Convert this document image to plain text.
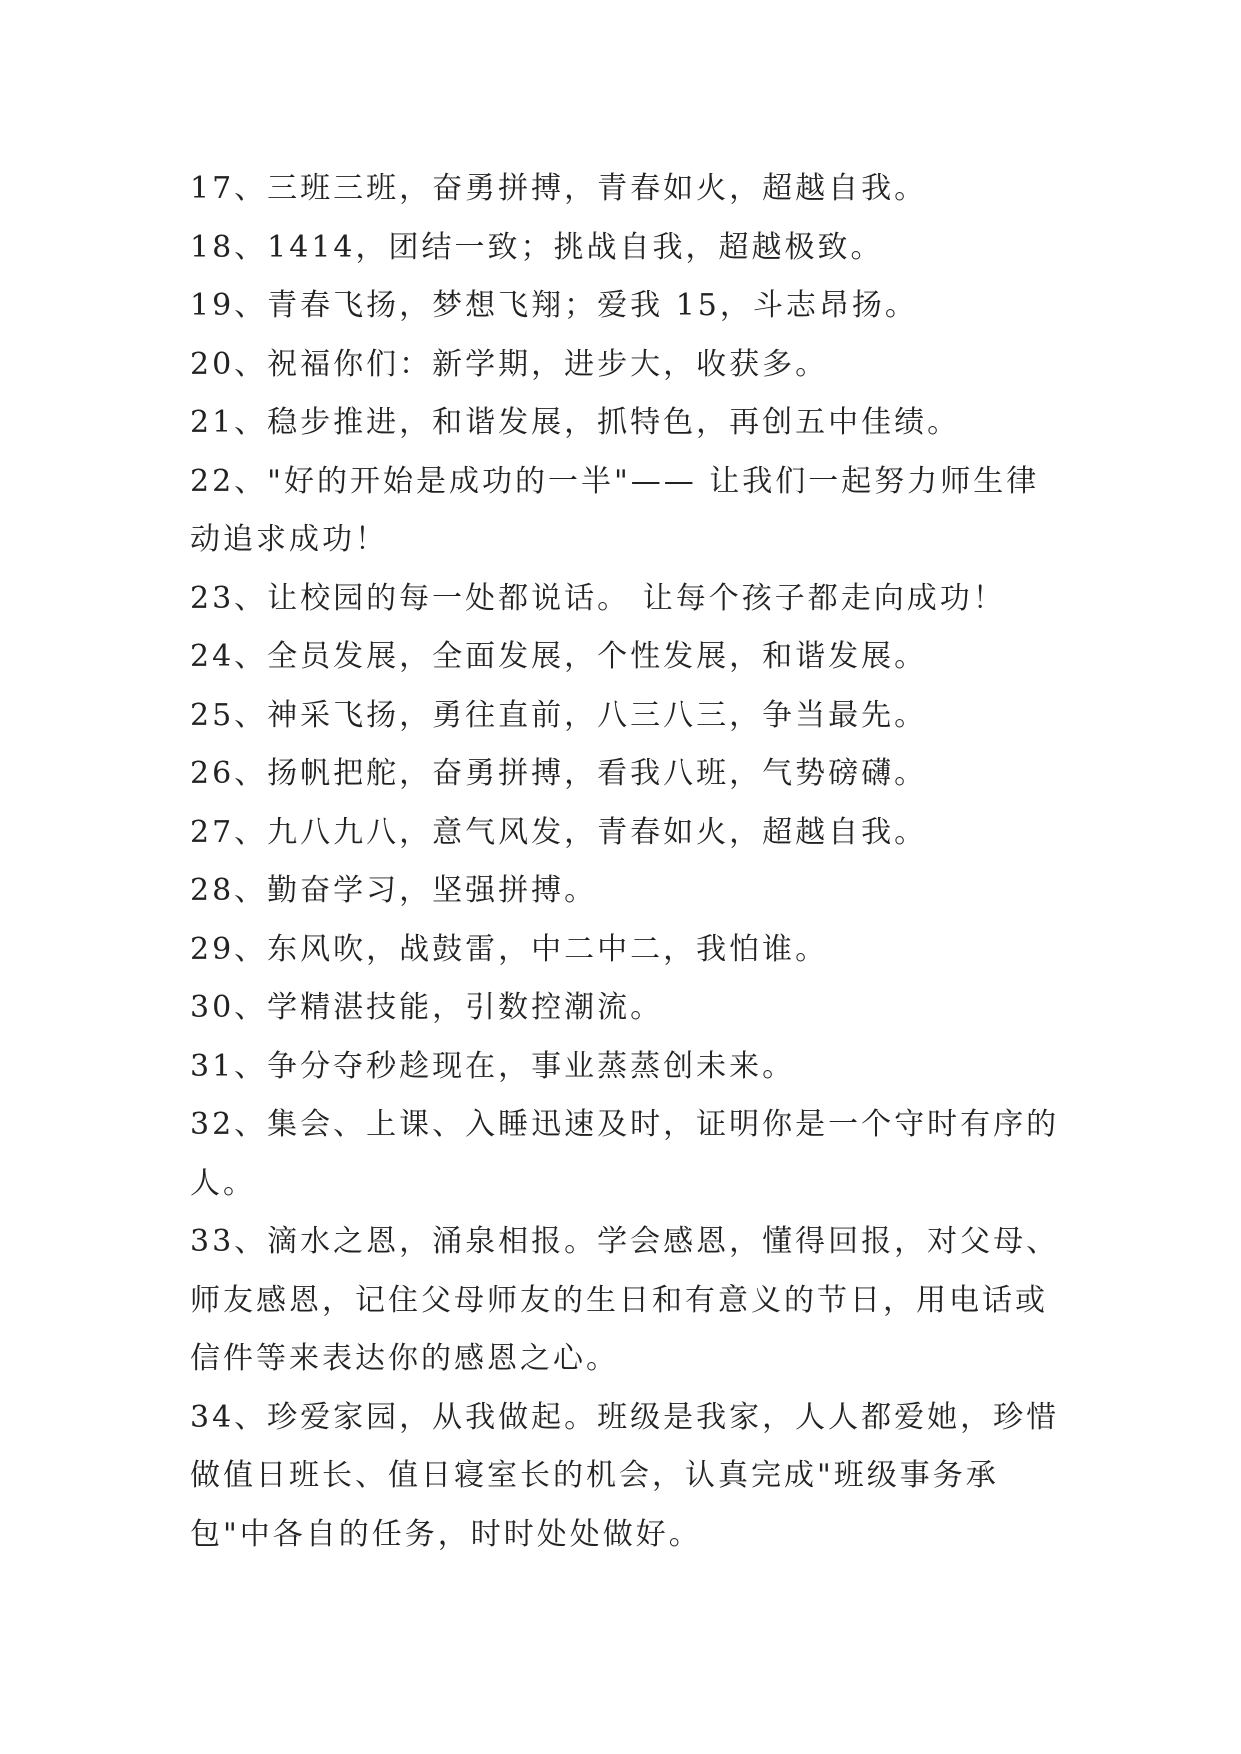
17、三班三班，奋勇拼搏，青春如火，超越自我。

18、1414，团结一致；挑战自我，超越极致。

19、青春飞扬，梦想飞翔；爱我 15，斗志昂扬。

20、祝福你们：新学期，进步大，收获多。

21、稳步推进，和谐发展，抓特色，再创五中佳绩。

22、"好的开始是成功的一半"—— 让我们一起努力师生律动追求成功！

23、让校园的每一处都说话。 让每个孩子都走向成功！

24、全员发展，全面发展，个性发展，和谐发展。

25、神采飞扬，勇往直前，八三八三，争当最先。

26、扬帆把舵，奋勇拼搏，看我八班，气势磅礴。

27、九八九八，意气风发，青春如火，超越自我。

28、勤奋学习，坚强拼搏。

29、东风吹，战鼓雷，中二中二，我怕谁。

30、学精湛技能，引数控潮流。

31、争分夺秒趁现在，事业蒸蒸创未来。

32、集会、上课、入睡迅速及时，证明你是一个守时有序的人。

33、滴水之恩，涌泉相报。学会感恩，懂得回报，对父母、师友感恩，记住父母师友的生日和有意义的节日，用电话或信件等来表达你的感恩之心。

34、珍爱家园，从我做起。班级是我家，人人都爱她，珍惜做值日班长、值日寝室长的机会，认真完成"班级事务承包"中各自的任务，时时处处做好。
